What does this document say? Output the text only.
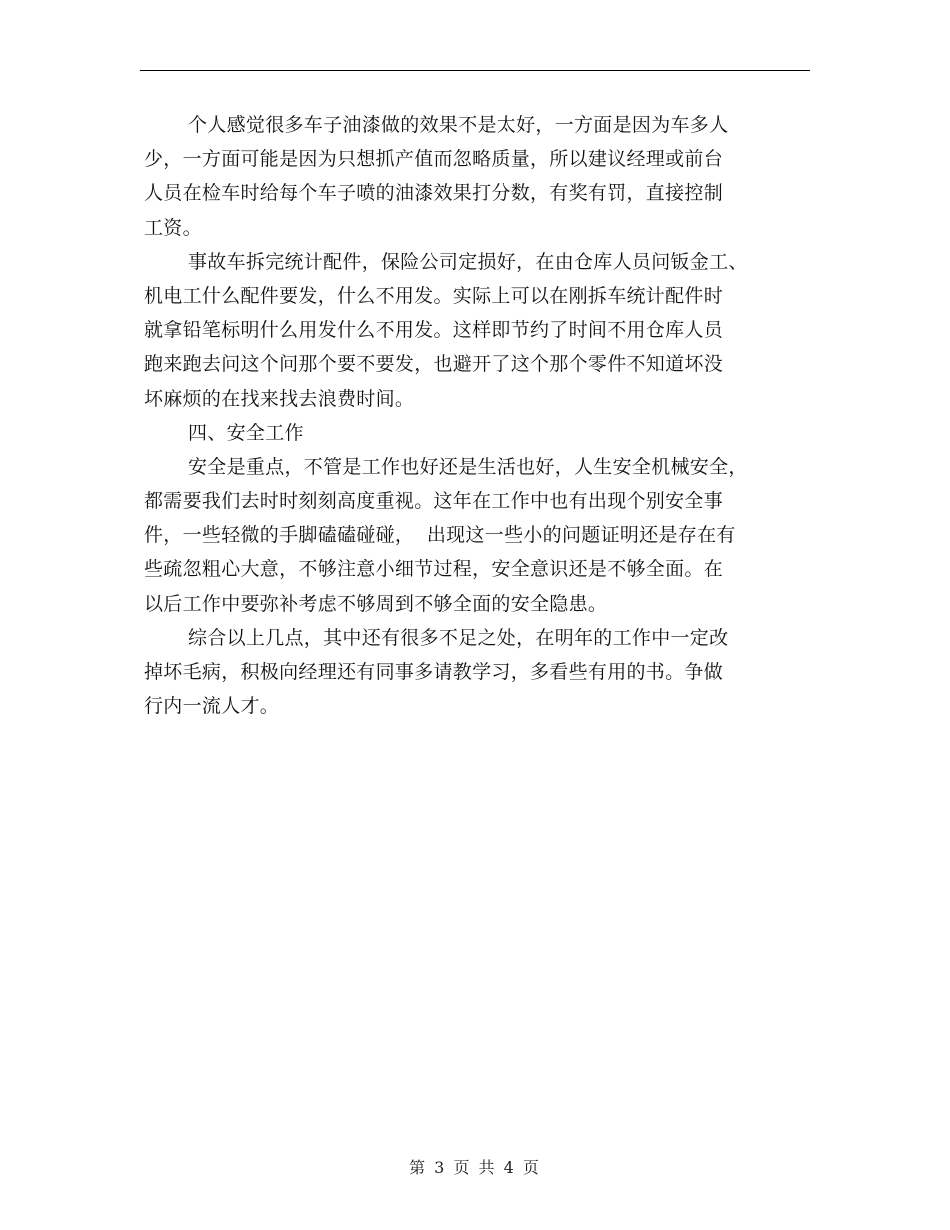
个人感觉很多车子油漆做的效果不是太好，一方面是因为车多人
少，一方面可能是因为只想抓产值而忽略质量，所以建议经理或前台
人员在检车时给每个车子喷的油漆效果打分数，有奖有罚，直接控制
工资。
事故车拆完统计配件，保险公司定损好，在由仓库人员问钣金工、
机电工什么配件要发，什么不用发。实际上可以在刚拆车统计配件时
就拿铅笔标明什么用发什么不用发。这样即节约了时间不用仓库人员
跑来跑去问这个问那个要不要发，也避开了这个那个零件不知道坏没
坏麻烦的在找来找去浪费时间。
四、安全工作
安全是重点，不管是工作也好还是生活也好，人生安全机械安全，
都需要我们去时时刻刻高度重视。这年在工作中也有出现个别安全事
件，一些轻微的手脚磕磕碰碰，  出现这一些小的问题证明还是存在有
些疏忽粗心大意，不够注意小细节过程，安全意识还是不够全面。在
以后工作中要弥补考虑不够周到不够全面的安全隐患。
综合以上几点，其中还有很多不足之处，在明年的工作中一定改
掉坏毛病，积极向经理还有同事多请教学习，多看些有用的书。争做
行内一流人才。
第 3 页 共 4 页
